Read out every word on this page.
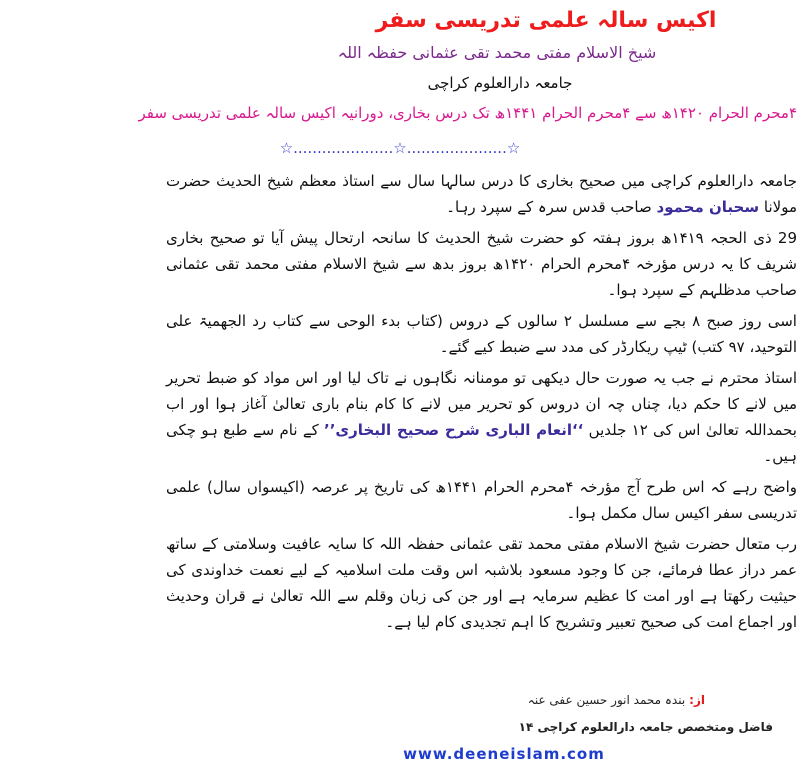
اکیس سالہ علمی تدریسی سفر
شیخ الاسلام مفتی محمد تقی عثمانی حفظہ اللہ
جامعہ دارالعلوم کراچی
۴محرم الحرام ۱۴۲۰ھ سے ۴محرم الحرام ۱۴۴۱ھ تک درس بخاری، دورانیہ اکیس سالہ علمی تدریسی سفر
☆.....................☆.....................☆

جامعہ دارالعلوم کراچی میں صحیح بخاری کا درس سالہا سال سے استاذ معظم شیخ الحدیث حضرت مولانا سحبان محمود صاحب قدس سرہ کے سپرد رہا۔

29 ذی الحجہ ۱۴۱۹ھ بروز ہفتہ کو حضرت شیخ الحدیث کا سانحہ ارتحال پیش آیا تو صحیح بخاری شریف کا یہ درس مؤرخہ ۴محرم الحرام ۱۴۲۰ھ بروز بدھ سے شیخ الاسلام مفتی محمد تقی عثمانی صاحب مدظلہم کے سپرد ہوا۔

اسی روز صبح ۸ بجے سے مسلسل ۲ سالوں کے دروس (کتاب بدء الوحی سے کتاب رد الجھمیۃ علی التوحید، ۹۷ کتب) ٹیپ ریکارڈر کی مدد سے ضبط کیے گئے۔

استاذ محترم نے جب یہ صورت حال دیکھی تو مومنانہ نگاہوں نے تاک لیا اور اس مواد کو ضبط تحریر میں لانے کا حکم دیا، چناں چہ ان دروس کو تحریر میں لانے کا کام بنام باری تعالیٰ آغاز ہوا اور اب بحمداللہ تعالیٰ اس کی ۱۲ جلدیں ‘‘انعام الباری شرح صحیح البخاری’’ کے نام سے طبع ہو چکی ہیں۔

واضح رہے کہ اس طرح آج مؤرخہ ۴محرم الحرام ۱۴۴۱ھ کی تاریخ پر عرصہ (اکیسواں سال) علمی تدریسی سفر اکیس سال مکمل ہوا۔

رب متعال حضرت شیخ الاسلام مفتی محمد تقی عثمانی حفظہ اللہ کا سایہ عافیت وسلامتی کے ساتھ عمر دراز عطا فرمائے، جن کا وجود مسعود بلاشبہ اس وقت ملت اسلامیہ کے لیے نعمت خداوندی کی حیثیت رکھتا ہے اور امت کا عظیم سرمایہ ہے اور جن کی زبان وقلم سے اللہ تعالیٰ نے قران وحدیث اور اجماع امت کی صحیح تعبیر وتشریح کا اہم تجدیدی کام لیا ہے۔

از:بندہ محمد انور حسین عفی عنہ
فاضل ومتخصص جامعہ دارالعلوم کراچی ۱۴
www.deeneislam.com
